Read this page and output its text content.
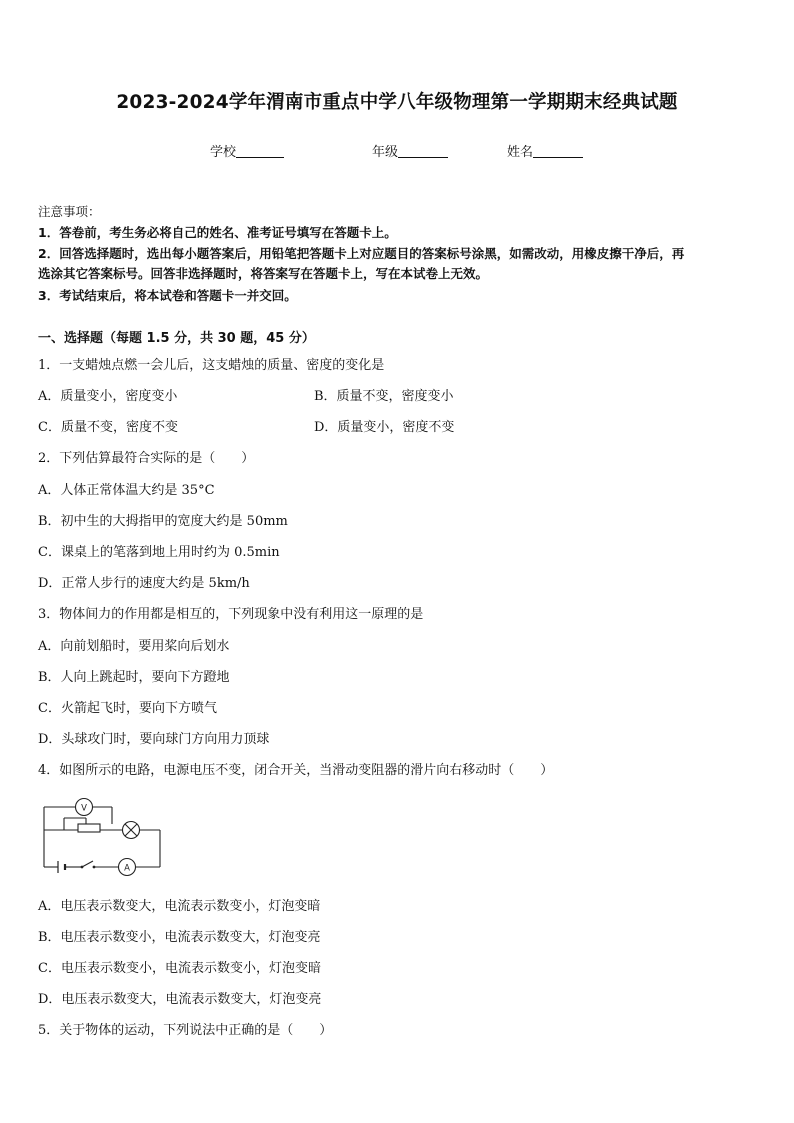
2023-2024学年渭南市重点中学八年级物理第一学期期末经典试题
学校	年级	姓名
注意事项：
1．答卷前，考生务必将自己的姓名、准考证号填写在答题卡上。
2．回答选择题时，选出每小题答案后，用铅笔把答题卡上对应题目的答案标号涂黑，如需改动，用橡皮擦干净后，再
选涂其它答案标号。回答非选择题时，将答案写在答题卡上，写在本试卷上无效。
3．考试结束后，将本试卷和答题卡一并交回。
一、选择题（每题 1.5 分，共 30 题，45 分）
1．一支蜡烛点燃一会儿后，这支蜡烛的质量、密度的变化是
A．质量变小，密度变小	B．质量不变，密度变小
C．质量不变，密度不变	D．质量变小，密度不变
2．下列估算最符合实际的是（　　）
A．人体正常体温大约是 35°C
B．初中生的大拇指甲的宽度大约是 50mm
C．课桌上的笔落到地上用时约为 0.5min
D．正常人步行的速度大约是 5km/h
3．物体间力的作用都是相互的，下列现象中没有利用这一原理的是
A．向前划船时，要用桨向后划水
B．人向上跳起时，要向下方蹬地
C．火箭起飞时，要向下方喷气
D．头球攻门时，要向球门方向用力顶球
4．如图所示的电路，电源电压不变，闭合开关，当滑动变阻器的滑片向右移动时（　　）
V
A
A．电压表示数变大，电流表示数变小，灯泡变暗
B．电压表示数变小，电流表示数变大，灯泡变亮
C．电压表示数变小，电流表示数变小，灯泡变暗
D．电压表示数变大，电流表示数变大，灯泡变亮
5．关于物体的运动，下列说法中正确的是（　　）
